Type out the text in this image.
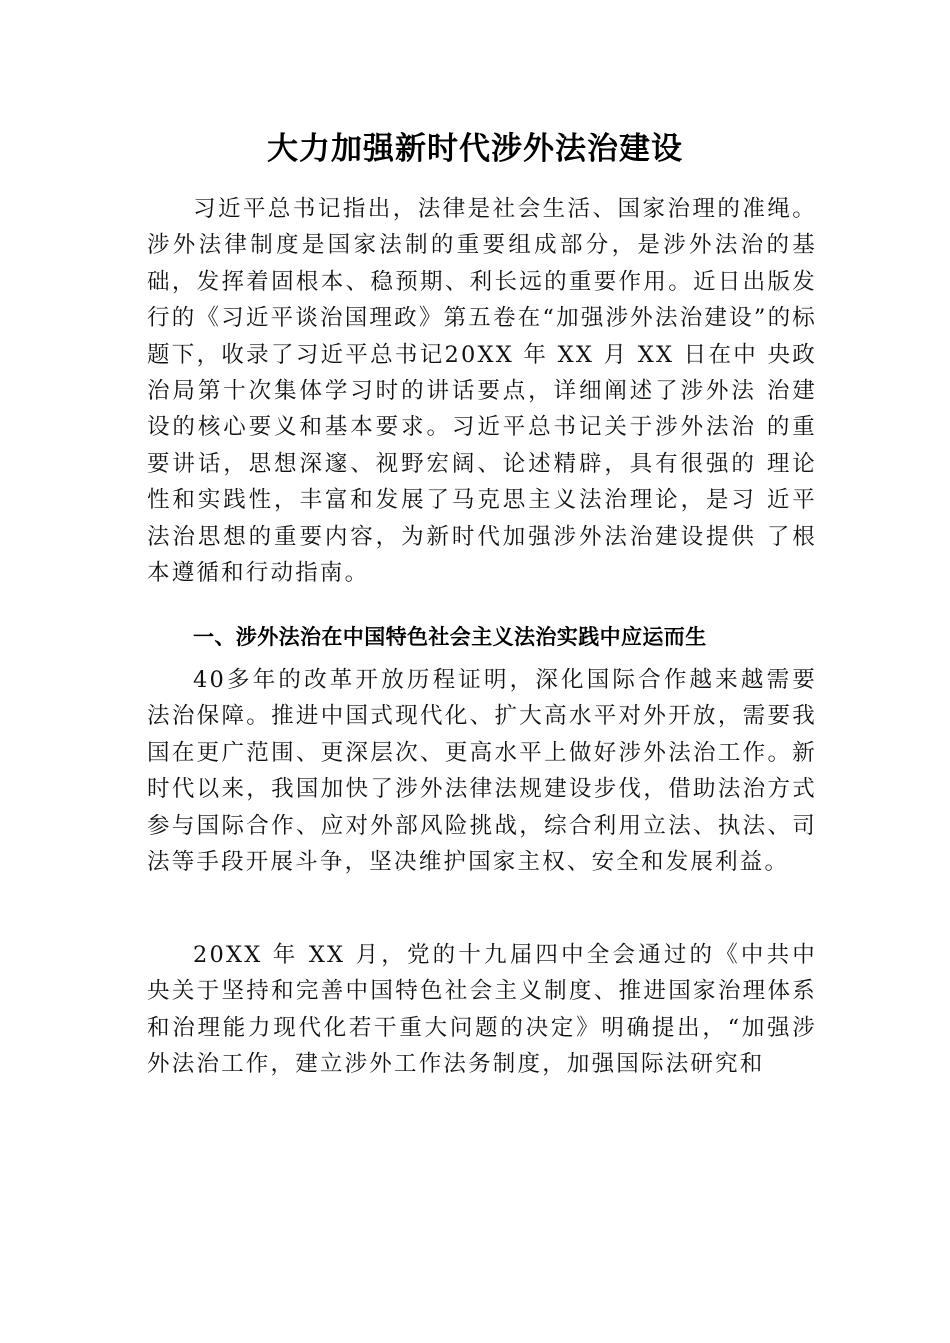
大力加强新时代涉外法治建设

习近平总书记指出，法律是社会生活、国家治理的准绳。涉外法律制度是国家法制的重要组成部分，是涉外法治的基础，发挥着固根本、稳预期、利长远的重要作用。近日出版发行的《习近平谈治国理政》第五卷在“加强涉外法治建设”的标题下，收录了习近平总书记20XX 年 XX 月 XX 日在中 央政治局第十次集体学习时的讲话要点，详细阐述了涉外法 治建设的核心要义和基本要求。习近平总书记关于涉外法治 的重要讲话，思想深邃、视野宏阔、论述精辟，具有很强的 理论性和实践性，丰富和发展了马克思主义法治理论，是习 近平法治思想的重要内容，为新时代加强涉外法治建设提供 了根本遵循和行动指南。

一、涉外法治在中国特色社会主义法治实践中应运而生

40多年的改革开放历程证明，深化国际合作越来越需要法治保障。推进中国式现代化、扩大高水平对外开放，需要我国在更广范围、更深层次、更高水平上做好涉外法治工作。新时代以来，我国加快了涉外法律法规建设步伐，借助法治方式参与国际合作、应对外部风险挑战，综合利用立法、执法、司法等手段开展斗争，坚决维护国家主权、安全和发展利益。

20XX 年 XX 月，党的十九届四中全会通过的《中共中央关于坚持和完善中国特色社会主义制度、推进国家治理体系和治理能力现代化若干重大问题的决定》明确提出，“加强涉外法治工作，建立涉外工作法务制度，加强国际法研究和
